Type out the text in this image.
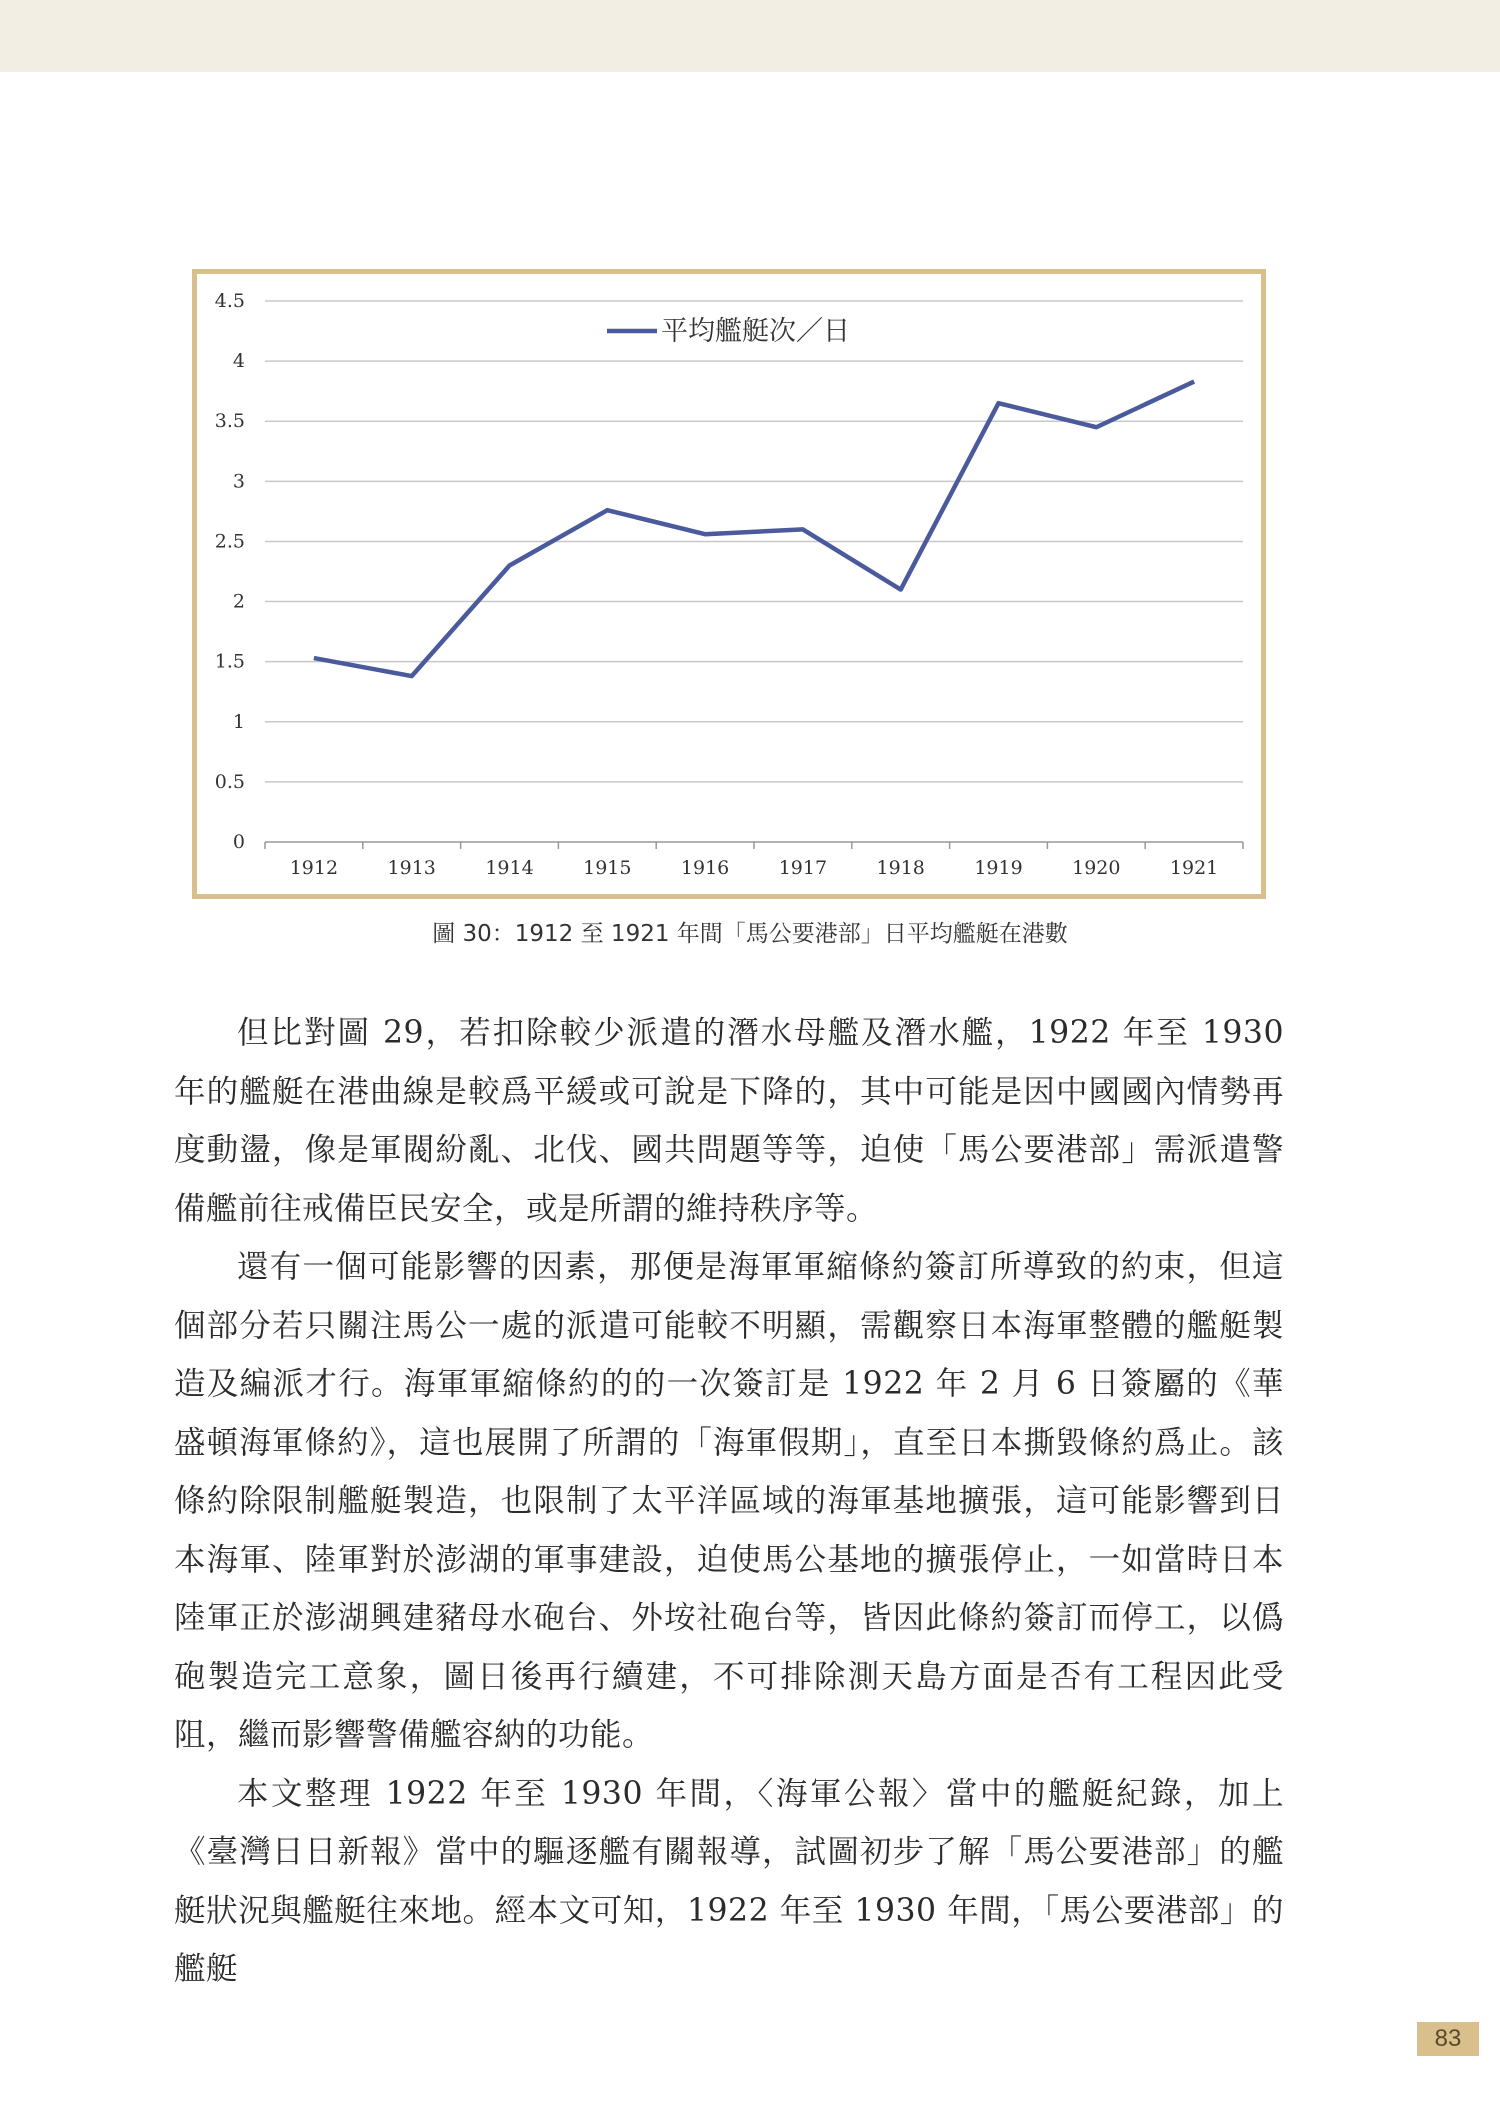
0
0.5
1
1.5
2
2.5
3
3.5
4
4.5
1912	1913	1914	1915	1916	1917	1918	1919	1920	1921
平均艦艇次／日
圖 30：1912 至 1921 年間「馬公要港部」日平均艦艇在港數

但比對圖 29，若扣除較少派遣的潛水母艦及潛水艦，1922 年至 1930 年的艦艇在港曲線是較爲平緩或可說是下降的，其中可能是因中國國內情勢再度動盪，像是軍閥紛亂、北伐、國共問題等等，迫使「馬公要港部」需派遣警備艦前往戒備臣民安全，或是所謂的維持秩序等。

還有一個可能影響的因素，那便是海軍軍縮條約簽訂所導致的約束，但這個部分若只關注馬公一處的派遣可能較不明顯，需觀察日本海軍整體的艦艇製造及編派才行。海軍軍縮條約的的一次簽訂是 1922 年 2 月 6 日簽屬的《華盛頓海軍條約》，這也展開了所謂的「海軍假期」，直至日本撕毀條約爲止。該條約除限制艦艇製造，也限制了太平洋區域的海軍基地擴張，這可能影響到日本海軍、陸軍對於澎湖的軍事建設，迫使馬公基地的擴張停止，一如當時日本陸軍正於澎湖興建豬母水砲台、外垵社砲台等，皆因此條約簽訂而停工，以僞砲製造完工意象，圖日後再行續建，不可排除測天島方面是否有工程因此受阻，繼而影響警備艦容納的功能。

本文整理 1922 年至 1930 年間，〈海軍公報〉當中的艦艇紀錄，加上《臺灣日日新報》當中的驅逐艦有關報導，試圖初步了解「馬公要港部」的艦艇狀況與艦艇往來地。經本文可知，1922 年至 1930 年間，「馬公要港部」的艦艇

83
